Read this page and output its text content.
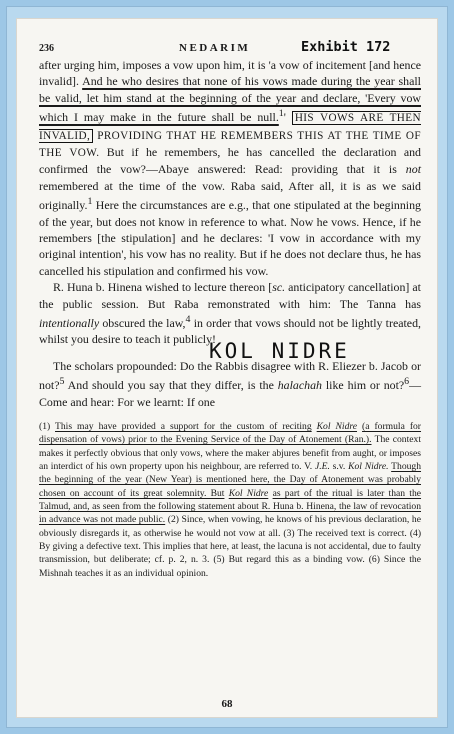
236	NEDARIM	Exhibit 172

after urging him, imposes a vow upon him, it is 'a vow of incitement [and hence invalid]. And he who desires that none of his vows made during the year shall be valid, let him stand at the beginning of the year and declare, 'Every vow which I may make in the future shall be null.$^1$' HIS VOWS ARE THEN INVALID, PROVIDING THAT HE REMEMBERS THIS AT THE TIME OF THE VOW. But if he remembers, he has cancelled the declaration and confirmed the vow?—Abaye answered: Read: providing that it is not remembered at the time of the vow. Raba said, After all, it is as we said originally.$^1$ Here the circumstances are e.g., that one stipulated at the beginning of the year, but does not know in reference to what. Now he vows. Hence, if he remembers [the stipulation] and he declares: 'I vow in accordance with my original intention', his vow has no reality. But if he does not declare thus, he has cancelled his stipulation and confirmed his vow.

R. Huna b. Hinena wished to lecture thereon [sc. anticipatory cancellation] at the public session. But Raba remonstrated with him: The Tanna has intentionally obscured the law,$^4$ in order that vows should not be lightly treated, whilst you desire to teach it publicly!

KOL NIDRE

The scholars propounded: Do the Rabbis disagree with R. Eliezer b. Jacob or not?$^5$ And should you say that they differ, is the halachah like him or not?$^6$—Come and hear: For we learnt: If one

(1) This may have provided a support for the custom of reciting Kol Nidre (a formula for dispensation of vows) prior to the Evening Service of the Day of Atonement (Ran.). The context makes it perfectly obvious that only vows, where the maker abjures benefit from aught, or imposes an interdict of his own property upon his neighbour, are referred to. V. J.E. s.v. Kol Nidre. Though the beginning of the year (New Year) is mentioned here, the Day of Atonement was probably chosen on account of its great solemnity. But Kol Nidre as part of the ritual is later than the Talmud, and, as seen from the following statement about R. Huna b. Hinena, the law of revocation in advance was not made public. (2) Since, when vowing, he knows of his previous declaration, he obviously disregards it, as otherwise he would not vow at all. (3) The received text is correct. (4) By giving a defective text. This implies that here, at least, the lacuna is not accidental, due to faulty transmission, but deliberate; cf. p. 2, n. 3. (5) But regard this as a binding vow. (6) Since the Mishnah teaches it as an individual opinion.

68
